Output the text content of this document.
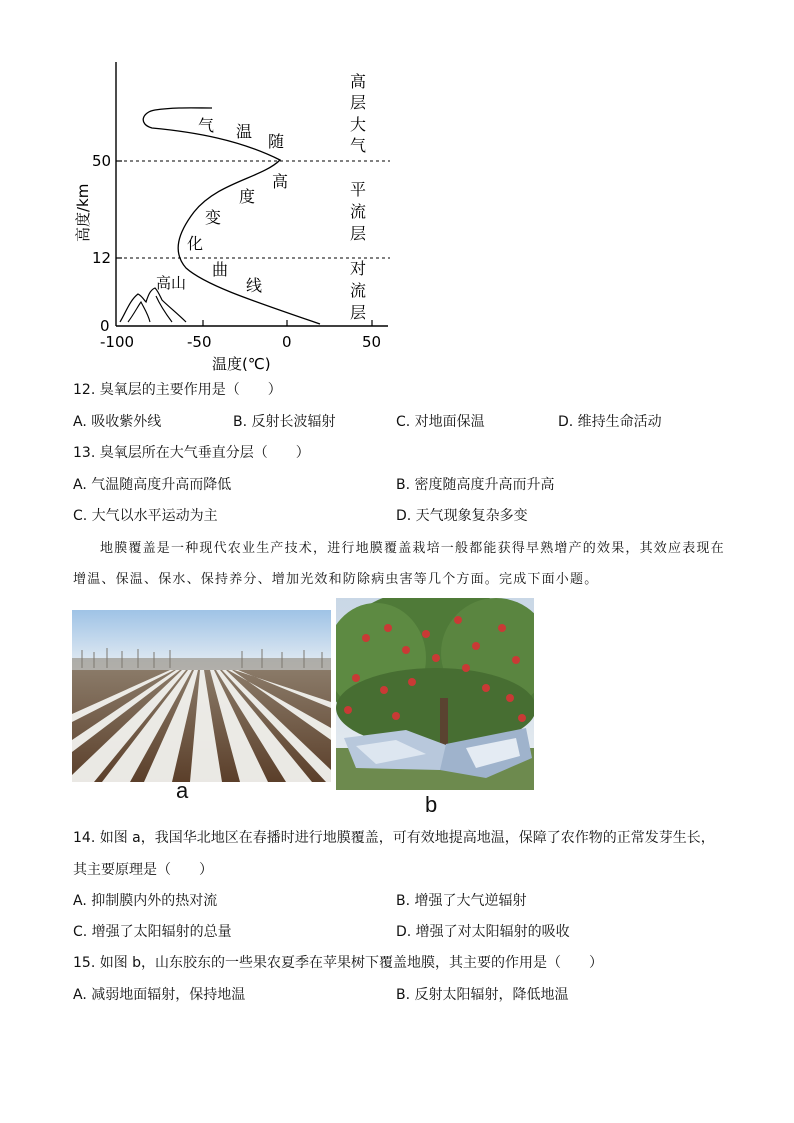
高度/km
0
12
50
-100	-50	0	50
温度(℃)
气 温
随
高
度
变
化
曲
线
高山
高
层
大
气
平
流
层
对
流
层
12. 臭氧层的主要作用是（　　）
A. 吸收紫外线	B. 反射长波辐射	C. 对地面保温	D. 维持生命活动
13. 臭氧层所在大气垂直分层（　　）
A. 气温随高度升高而降低	B. 密度随高度升高而升高
C. 大气以水平运动为主	D. 天气现象复杂多变
地膜覆盖是一种现代农业生产技术，进行地膜覆盖栽培一般都能获得早熟增产的效果，其效应表现在
增温、保温、保水、保持养分、增加光效和防除病虫害等几个方面。完成下面小题。
a
b
14. 如图 a，我国华北地区在春播时进行地膜覆盖，可有效地提高地温，保障了农作物的正常发芽生长，
其主要原理是（　　）
A. 抑制膜内外的热对流	B. 增强了大气逆辐射
C. 增强了太阳辐射的总量	D. 增强了对太阳辐射的吸收
15. 如图 b，山东胶东的一些果农夏季在苹果树下覆盖地膜，其主要的作用是（　　）
A. 减弱地面辐射，保持地温	B. 反射太阳辐射，降低地温
